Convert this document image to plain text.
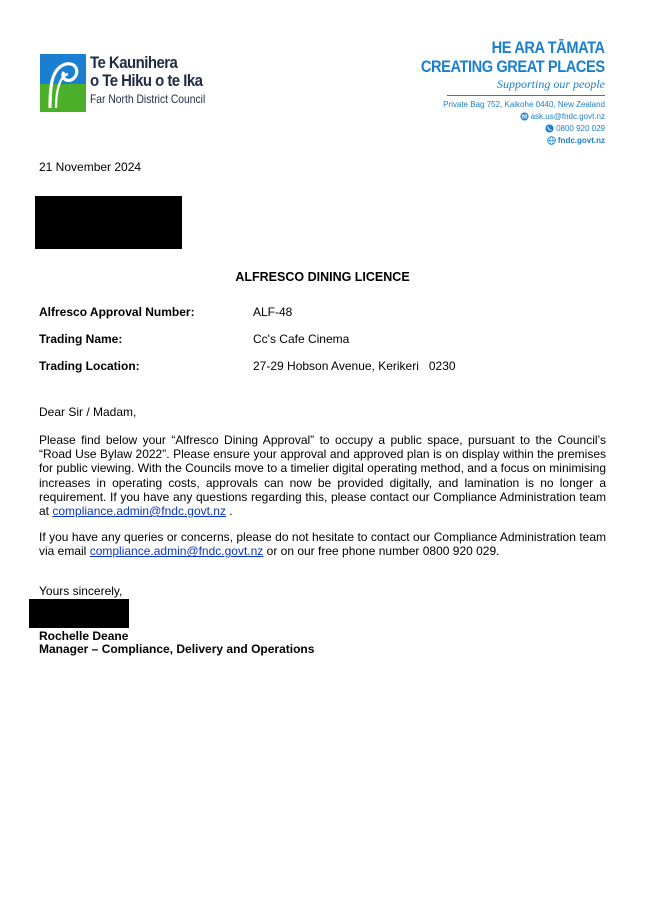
Te Kaunihera
o Te Hiku o te Ika
Far North District Council
HE ARA TĀMATA
CREATING GREAT PLACES
Supporting our people
Private Bag 752, Kaikohe 0440, New Zealand
ask.us@fndc.govt.nz
0800 920 029
fndc.govt.nz
21 November 2024
ALFRESCO DINING LICENCE
Alfresco Approval Number:	ALF-48
Trading Name:	Cc's Cafe Cinema
Trading Location:	27-29 Hobson Avenue, Kerikeri   0230
Dear Sir / Madam,
Please find below your “Alfresco Dining Approval” to occupy a public space, pursuant to the Council’s “Road Use Bylaw 2022”. Please ensure your approval and approved plan is on display within the premises for public viewing. With the Councils move to a timelier digital operating method, and a focus on minimising increases in operating costs, approvals can now be provided digitally, and lamination is no longer a requirement. If you have any questions regarding this, please contact our Compliance Administration team at compliance.admin@fndc.govt.nz .
If you have any queries or concerns, please do not hesitate to contact our Compliance Administration team via email compliance.admin@fndc.govt.nz or on our free phone number 0800 920 029.
Yours sincerely,
Rochelle Deane
Manager – Compliance, Delivery and Operations
